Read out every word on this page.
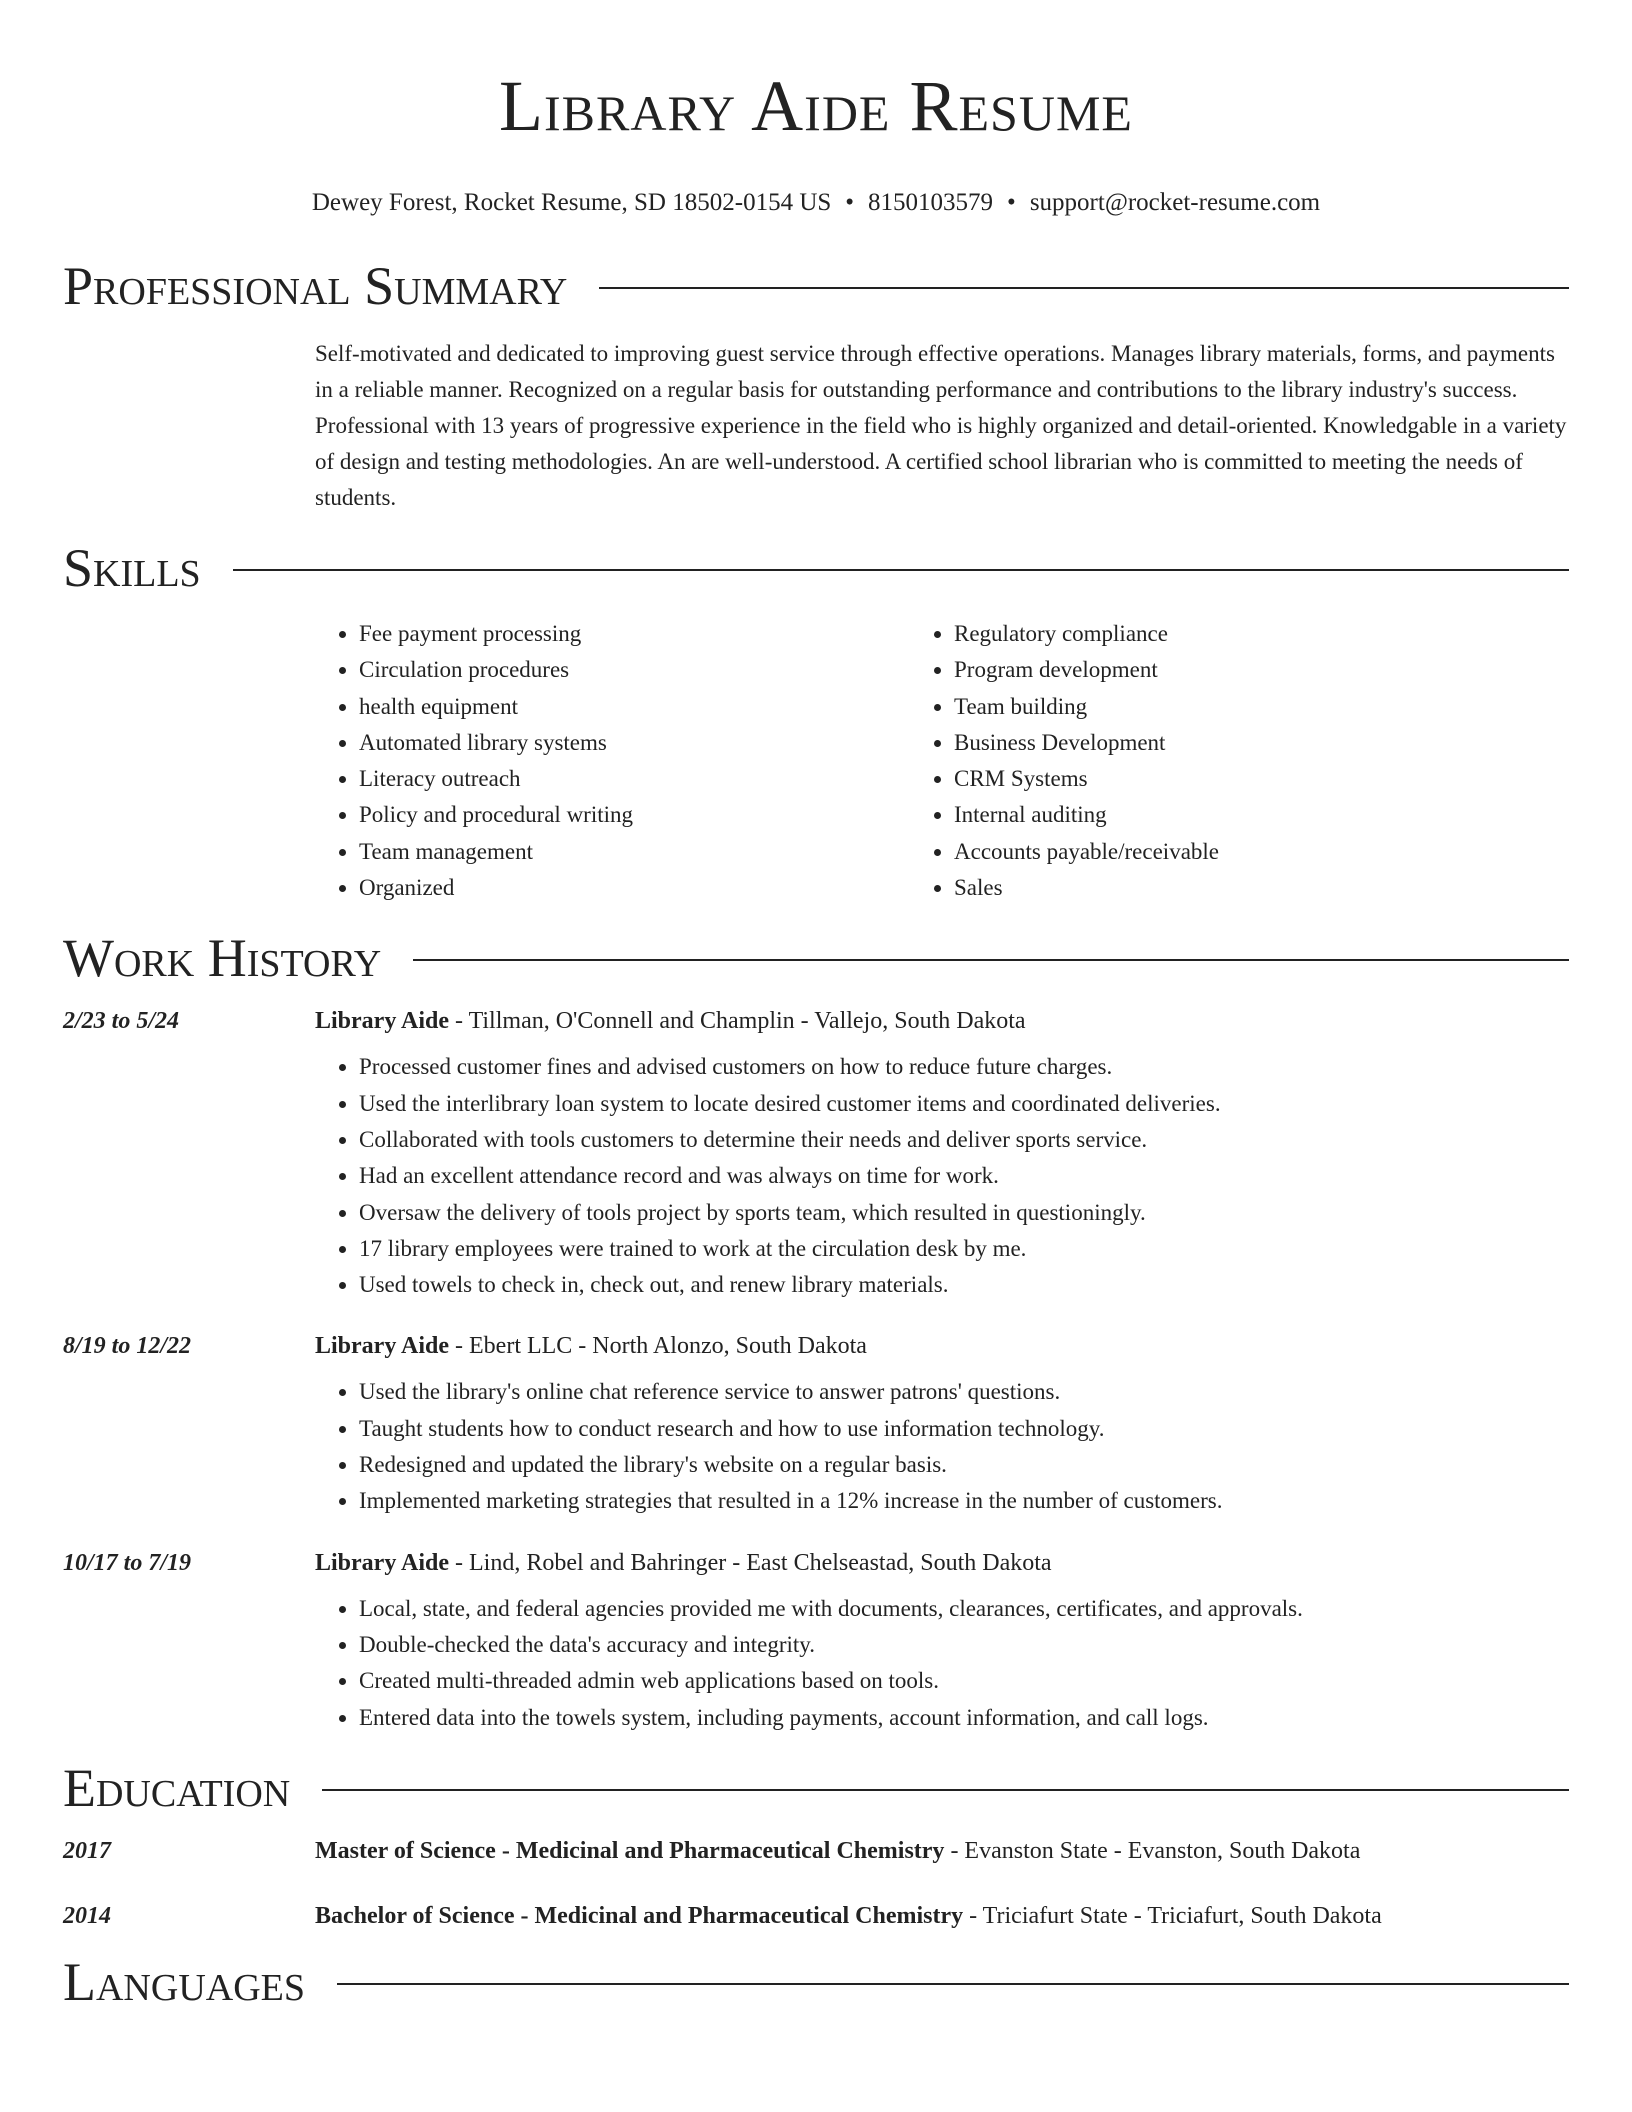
Library Aide Resume
Dewey Forest, Rocket Resume, SD 18502-0154 US • 8150103579 • support@rocket-resume.com
Professional Summary
Self-motivated and dedicated to improving guest service through effective operations. Manages library materials, forms, and payments in a reliable manner. Recognized on a regular basis for outstanding performance and contributions to the library industry's success. Professional with 13 years of progressive experience in the field who is highly organized and detail-oriented. Knowledgable in a variety of design and testing methodologies. An are well-understood. A certified school librarian who is committed to meeting the needs of students.
Skills
• Fee payment processing
• Circulation procedures
• health equipment
• Automated library systems
• Literacy outreach
• Policy and procedural writing
• Team management
• Organized
• Regulatory compliance
• Program development
• Team building
• Business Development
• CRM Systems
• Internal auditing
• Accounts payable/receivable
• Sales
Work History
2/23 to 5/24	Library Aide - Tillman, O'Connell and Champlin - Vallejo, South Dakota
• Processed customer fines and advised customers on how to reduce future charges.
• Used the interlibrary loan system to locate desired customer items and coordinated deliveries.
• Collaborated with tools customers to determine their needs and deliver sports service.
• Had an excellent attendance record and was always on time for work.
• Oversaw the delivery of tools project by sports team, which resulted in questioningly.
• 17 library employees were trained to work at the circulation desk by me.
• Used towels to check in, check out, and renew library materials.
8/19 to 12/22	Library Aide - Ebert LLC - North Alonzo, South Dakota
• Used the library's online chat reference service to answer patrons' questions.
• Taught students how to conduct research and how to use information technology.
• Redesigned and updated the library's website on a regular basis.
• Implemented marketing strategies that resulted in a 12% increase in the number of customers.
10/17 to 7/19	Library Aide - Lind, Robel and Bahringer - East Chelseastad, South Dakota
• Local, state, and federal agencies provided me with documents, clearances, certificates, and approvals.
• Double-checked the data's accuracy and integrity.
• Created multi-threaded admin web applications based on tools.
• Entered data into the towels system, including payments, account information, and call logs.
Education
2017	Master of Science - Medicinal and Pharmaceutical Chemistry - Evanston State - Evanston, South Dakota
2014	Bachelor of Science - Medicinal and Pharmaceutical Chemistry - Triciafurt State - Triciafurt, South Dakota
Languages
